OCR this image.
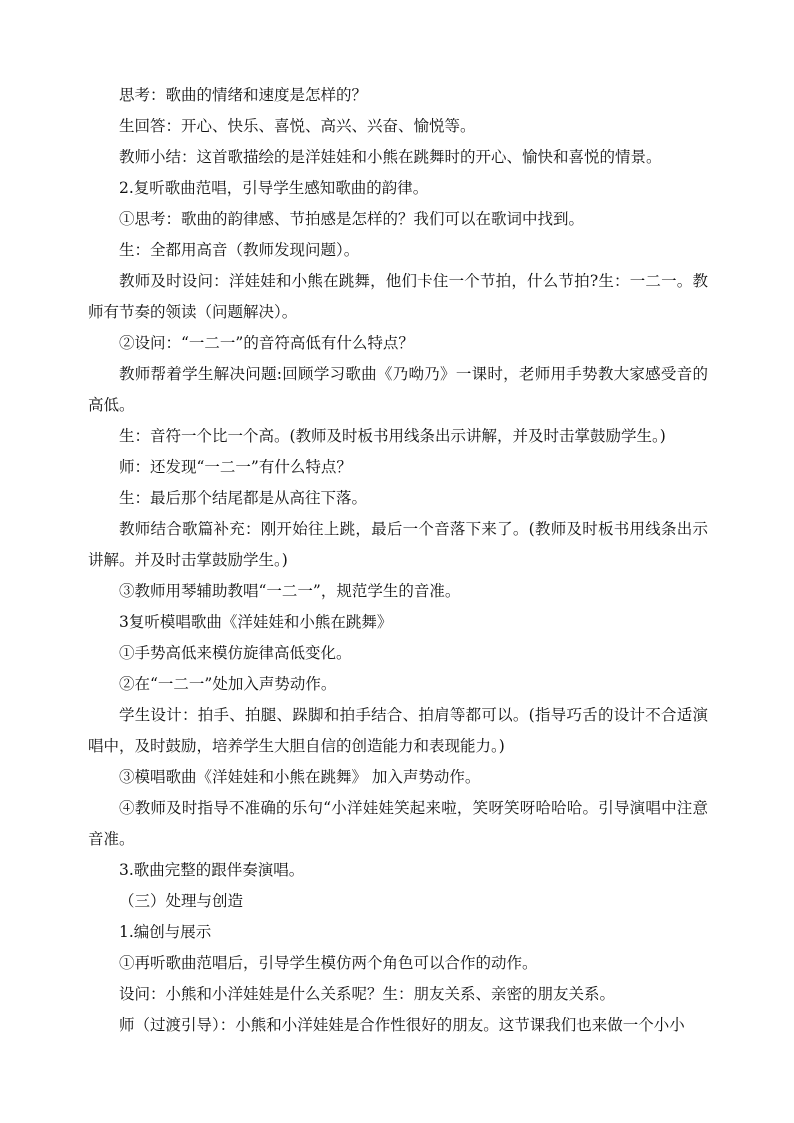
思考：歌曲的情绪和速度是怎样的？

生回答：开心、快乐、喜悦、高兴、兴奋、愉悦等。

教师小结：这首歌描绘的是洋娃娃和小熊在跳舞时的开心、愉快和喜悦的情景。

2.复听歌曲范唱，引导学生感知歌曲的韵律。

①思考：歌曲的韵律感、节拍感是怎样的？我们可以在歌词中找到。

生：全都用高音（教师发现问题）。

教师及时设问：洋娃娃和小熊在跳舞，他们卡住一个节拍，什么节拍?生：一二一。教师有节奏的领读（问题解决）。

②设问：“一二一”的音符高低有什么特点？

教师帮着学生解决问题:回顾学习歌曲《乃呦乃》一课时，老师用手势教大家感受音的高低。

生：音符一个比一个高。(教师及时板书用线条出示讲解，并及时击掌鼓励学生。)

师：还发现“一二一”有什么特点？

生：最后那个结尾都是从高往下落。

教师结合歌篇补充：刚开始往上跳，最后一个音落下来了。(教师及时板书用线条出示讲解。并及时击掌鼓励学生。)

③教师用琴辅助教唱“一二一”，规范学生的音准。

3复听模唱歌曲《洋娃娃和小熊在跳舞》

①手势高低来模仿旋律高低变化。

②在“一二一”处加入声势动作。

学生设计：拍手、拍腿、跺脚和拍手结合、拍肩等都可以。(指导巧舌的设计不合适演唱中，及时鼓励，培养学生大胆自信的创造能力和表现能力。)

③模唱歌曲《洋娃娃和小熊在跳舞》 加入声势动作。

④教师及时指导不准确的乐句“小洋娃娃笑起来啦，笑呀笑呀哈哈哈。引导演唱中注意音准。

3.歌曲完整的跟伴奏演唱。

（三）处理与创造

1.编创与展示

①再听歌曲范唱后，引导学生模仿两个角色可以合作的动作。

设问：小熊和小洋娃娃是什么关系呢？生：朋友关系、亲密的朋友关系。

师（过渡引导）：小熊和小洋娃娃是合作性很好的朋友。这节课我们也来做一个小小
